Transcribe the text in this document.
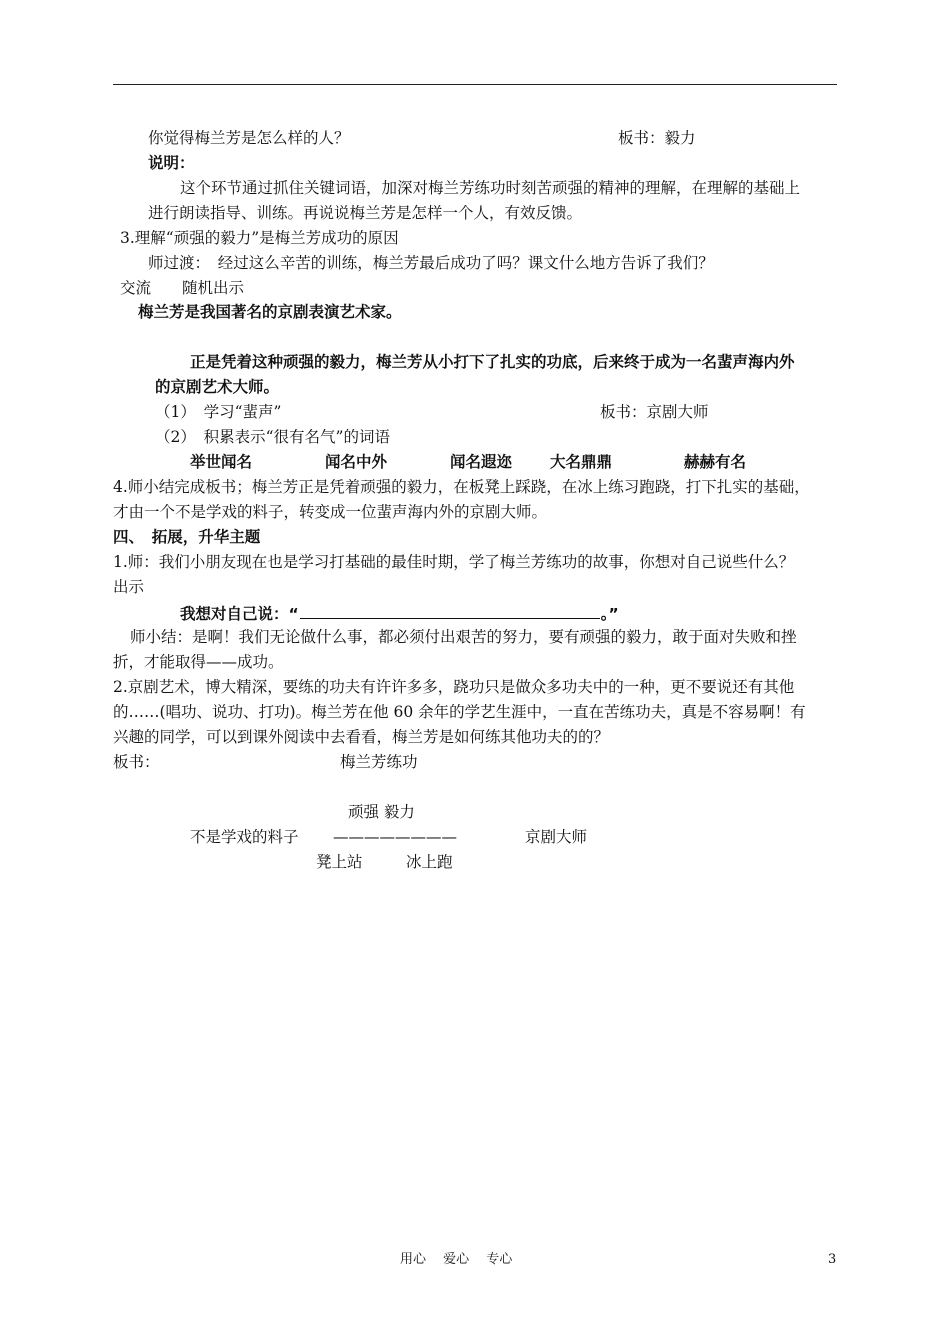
你觉得梅兰芳是怎么样的人？	板书：毅力
说明：
这个环节通过抓住关键词语，加深对梅兰芳练功时刻苦顽强的精神的理解，在理解的基础上
进行朗读指导、训练。再说说梅兰芳是怎样一个人，有效反馈。
3.理解“顽强的毅力”是梅兰芳成功的原因
师过渡：　经过这么辛苦的训练，梅兰芳最后成功了吗？课文什么地方告诉了我们？
交流　　随机出示
梅兰芳是我国著名的京剧表演艺术家。
正是凭着这种顽强的毅力，梅兰芳从小打下了扎实的功底，后来终于成为一名蜚声海内外
的京剧艺术大师。
（1）　学习“蜚声”	板书：京剧大师
（2）　积累表示“很有名气”的词语
举世闻名	闻名中外	闻名遐迩 大名鼎鼎	赫赫有名
4.师小结完成板书；梅兰芳正是凭着顽强的毅力，在板凳上踩跷，在冰上练习跑跷，打下扎实的基础，
才由一个不是学戏的料子，转变成一位蜚声海内外的京剧大师。
四、　拓展，升华主题
1.师：我们小朋友现在也是学习打基础的最佳时期，学了梅兰芳练功的故事，你想对自己说些什么？
出示
我想对自己说：“	。”
师小结：是啊！我们无论做什么事，都必须付出艰苦的努力，要有顽强的毅力，敢于面对失败和挫
折，才能取得——成功。
2.京剧艺术，博大精深，要练的功夫有许许多多，跷功只是做众多功夫中的一种，更不要说还有其他
的……(唱功、说功、打功)。梅兰芳在他 60 余年的学艺生涯中，一直在苦练功夫，真是不容易啊！有
兴趣的同学，可以到课外阅读中去看看，梅兰芳是如何练其他功夫的的？
板书：	梅兰芳练功
顽强 毅力
不是学戏的料子 ————————	京剧大师
凳上站	冰上跑
用心　 爱心　 专心	3
